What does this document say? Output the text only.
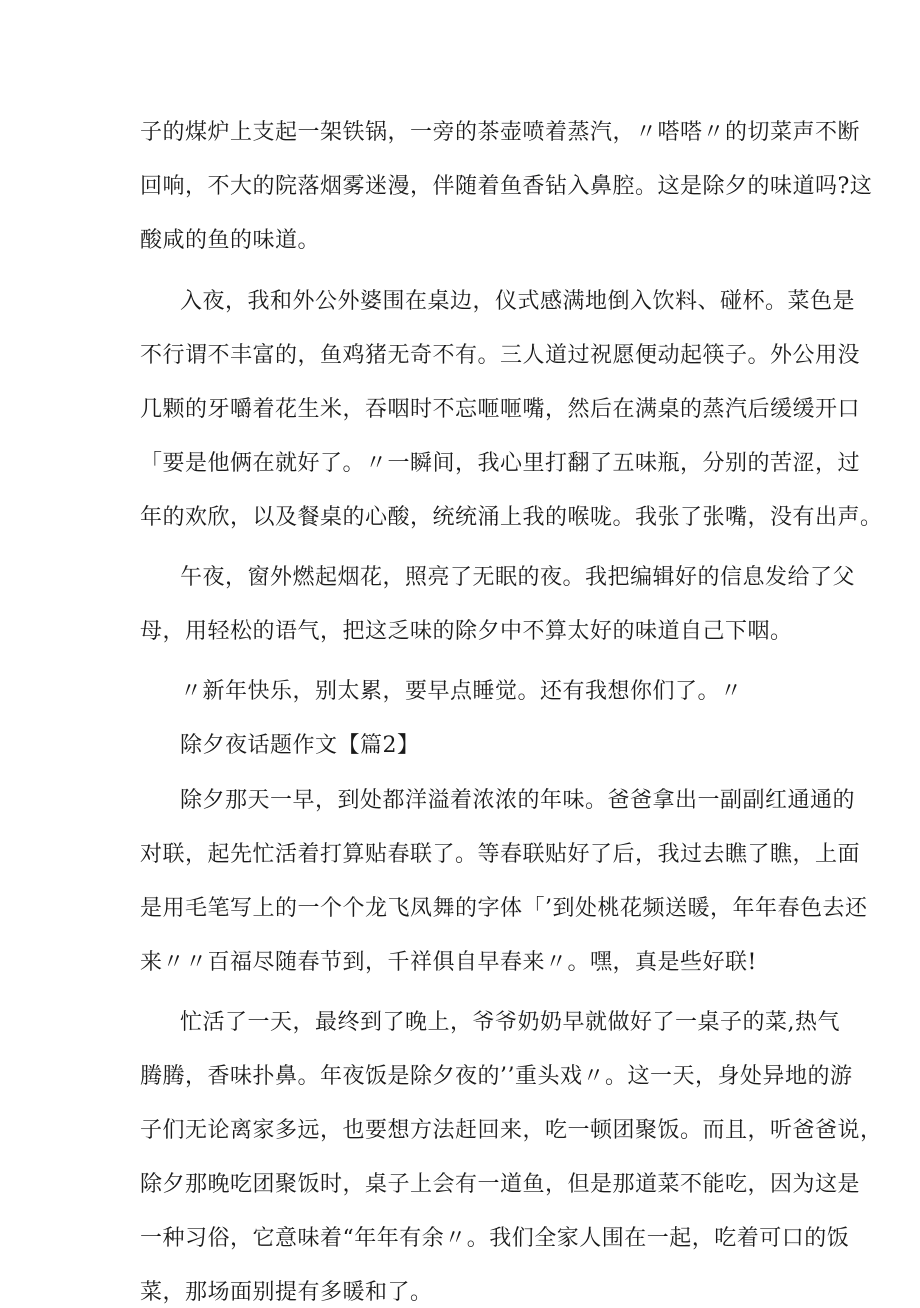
子的煤炉上支起一架铁锅，一旁的茶壶喷着蒸汽，〃嗒嗒〃的切菜声不断
回响，不大的院落烟雾迷漫，伴随着鱼香钻入鼻腔。这是除夕的味道吗?这
酸咸的鱼的味道。
入夜，我和外公外婆围在桌边，仪式感满地倒入饮料、碰杯。菜色是
不行谓不丰富的，鱼鸡猪无奇不有。三人道过祝愿便动起筷子。外公用没
几颗的牙嚼着花生米，吞咽时不忘咂咂嘴，然后在满桌的蒸汽后缓缓开口
「要是他俩在就好了。〃一瞬间，我心里打翻了五味瓶，分别的苦涩，过
年的欢欣，以及餐桌的心酸，统统涌上我的喉咙。我张了张嘴，没有出声。
午夜，窗外燃起烟花，照亮了无眠的夜。我把编辑好的信息发给了父
母，用轻松的语气，把这乏味的除夕中不算太好的味道自己下咽。
〃新年快乐，别太累，要早点睡觉。还有我想你们了。〃
除夕夜话题作文【篇2】
除夕那天一早，到处都洋溢着浓浓的年味。爸爸拿出一副副红通通的
对联，起先忙活着打算贴春联了。等春联贴好了后，我过去瞧了瞧，上面
是用毛笔写上的一个个龙飞凤舞的字体「’到处桃花频送暖，年年春色去还
来〃〃百福尽随春节到，千祥俱自早春来〃。嘿，真是些好联!
忙活了一天，最终到了晚上，爷爷奶奶早就做好了一桌子的菜,热气
腾腾，香味扑鼻。年夜饭是除夕夜的’’重头戏〃。这一天，身处异地的游
子们无论离家多远，也要想方法赶回来，吃一顿团聚饭。而且，听爸爸说，
除夕那晚吃团聚饭时，桌子上会有一道鱼，但是那道菜不能吃，因为这是
一种习俗，它意味着“年年有余〃。我们全家人围在一起，吃着可口的饭
菜，那场面别提有多暖和了。
